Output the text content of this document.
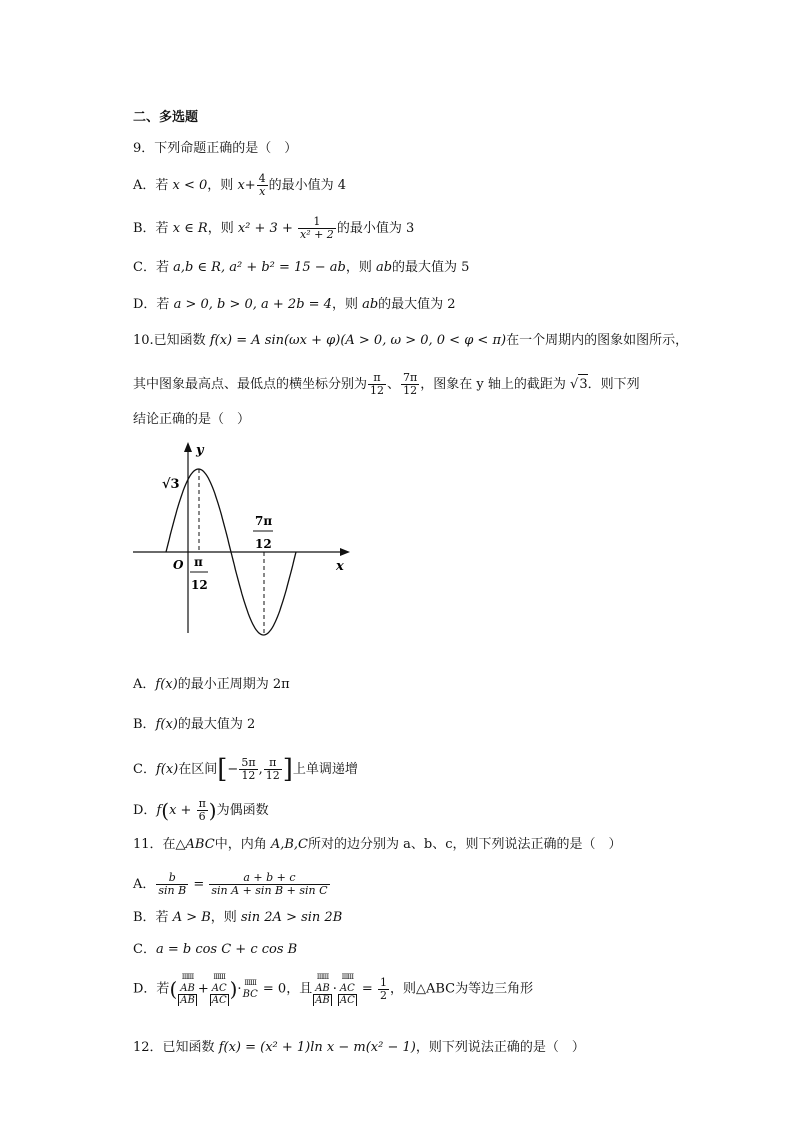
二、多选题
9．下列命题正确的是（　）
A．若 x < 0，则 $x+ \frac{4}{x}$ 的最小值为 4
B．若 x ∈ R，则 $x^2 + 3 + \frac{1}{\text{x² + 2}}$ 的最小值为 3
C．若 a,b ∈ R, a² + b² = 15 − ab，则 ab的最大值为 5
D．若 a > 0, b > 0, a + 2b = 4，则 ab的最大值为 2
10.已知函数 f(x) = A sin(ωx + φ)(A > 0, ω > 0, 0 < φ < π)在一个周期内的图象如图所示，
其中图象最高点、最低点的横坐标分别为 $\frac{\pi}{12}$ 、 $\frac{7\pi}{12}$ ，图象在 y 轴上的截距为 √3．则下列
结论正确的是（　）
y
x
O
√3
π
12
7π
12
A．f(x)的最小正周期为 2π
B．f(x)的最大值为 2
C．f(x)在区间[− $\frac{5\pi}{12}$ , $\frac{\pi}{12}$ ]上单调递增
D．$f(x + \frac{\pi}{6}$ )为偶函数
11．在△ABC中，内角 A,B,C所对的边分别为 a、b、c，则下列说法正确的是（　）
A． $\frac{b}{\text{sin B}} = \frac{a + b + c}{\text{sin A + sin B + sin C}}$
B．若 A > B，则 sin 2A > sin 2B
C．a = b cos C + c cos B
D．若( ⅢⅢ
AB
AB
+
ⅢⅢ
AC
AC )· ⅢⅢ
BC = 0，且
ⅢⅢ
AB
AB
·
ⅢⅢ
AC
AC
= $\frac{1}{2}$ ，则△ABC为等边三角形
12．已知函数 f(x) = (x² + 1)ln x − m(x² − 1)，则下列说法正确的是（　）
